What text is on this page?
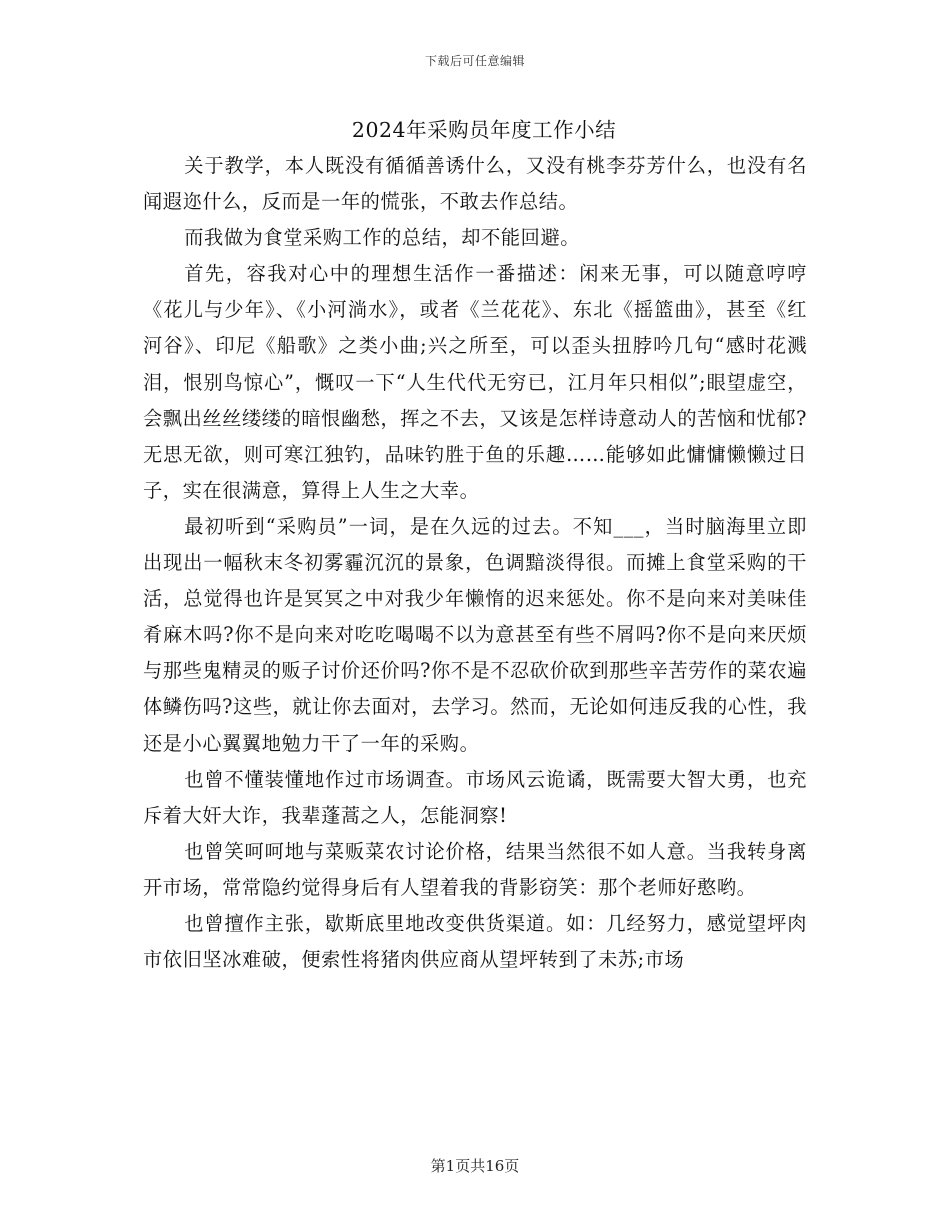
下载后可任意编辑
2024年采购员年度工作小结

关于教学，本人既没有循循善诱什么，又没有桃李芬芳什么，也没有名闻遐迩什么，反而是一年的慌张，不敢去作总结。

而我做为食堂采购工作的总结，却不能回避。

首先，容我对心中的理想生活作一番描述：闲来无事，可以随意哼哼《花儿与少年》、《小河淌水》，或者《兰花花》、东北《摇篮曲》，甚至《红河谷》、印尼《船歌》之类小曲;兴之所至，可以歪头扭脖吟几句“感时花溅泪，恨别鸟惊心”，慨叹一下“人生代代无穷已，江月年只相似”;眼望虚空，会飘出丝丝缕缕的暗恨幽愁，挥之不去，又该是怎样诗意动人的苦恼和忧郁?无思无欲，则可寒江独钓，品味钓胜于鱼的乐趣……能够如此慵慵懒懒过日子，实在很满意，算得上人生之大幸。

最初听到“采购员”一词，是在久远的过去。不知___，当时脑海里立即出现出一幅秋末冬初雾霾沉沉的景象，色调黯淡得很。而摊上食堂采购的干活，总觉得也许是冥冥之中对我少年懒惰的迟来惩处。你不是向来对美味佳肴麻木吗?你不是向来对吃吃喝喝不以为意甚至有些不屑吗?你不是向来厌烦与那些鬼精灵的贩子讨价还价吗?你不是不忍砍价砍到那些辛苦劳作的菜农遍体鳞伤吗?这些，就让你去面对，去学习。然而，无论如何违反我的心性，我还是小心翼翼地勉力干了一年的采购。

也曾不懂装懂地作过市场调查。市场风云诡谲，既需要大智大勇，也充斥着大奸大诈，我辈蓬蒿之人，怎能洞察!

也曾笑呵呵地与菜贩菜农讨论价格，结果当然很不如人意。当我转身离开市场，常常隐约觉得身后有人望着我的背影窃笑：那个老师好憨哟。

也曾擅作主张，歇斯底里地改变供货渠道。如：几经努力，感觉望坪肉市依旧坚冰难破，便索性将猪肉供应商从望坪转到了未苏;市场

第1页共16页
